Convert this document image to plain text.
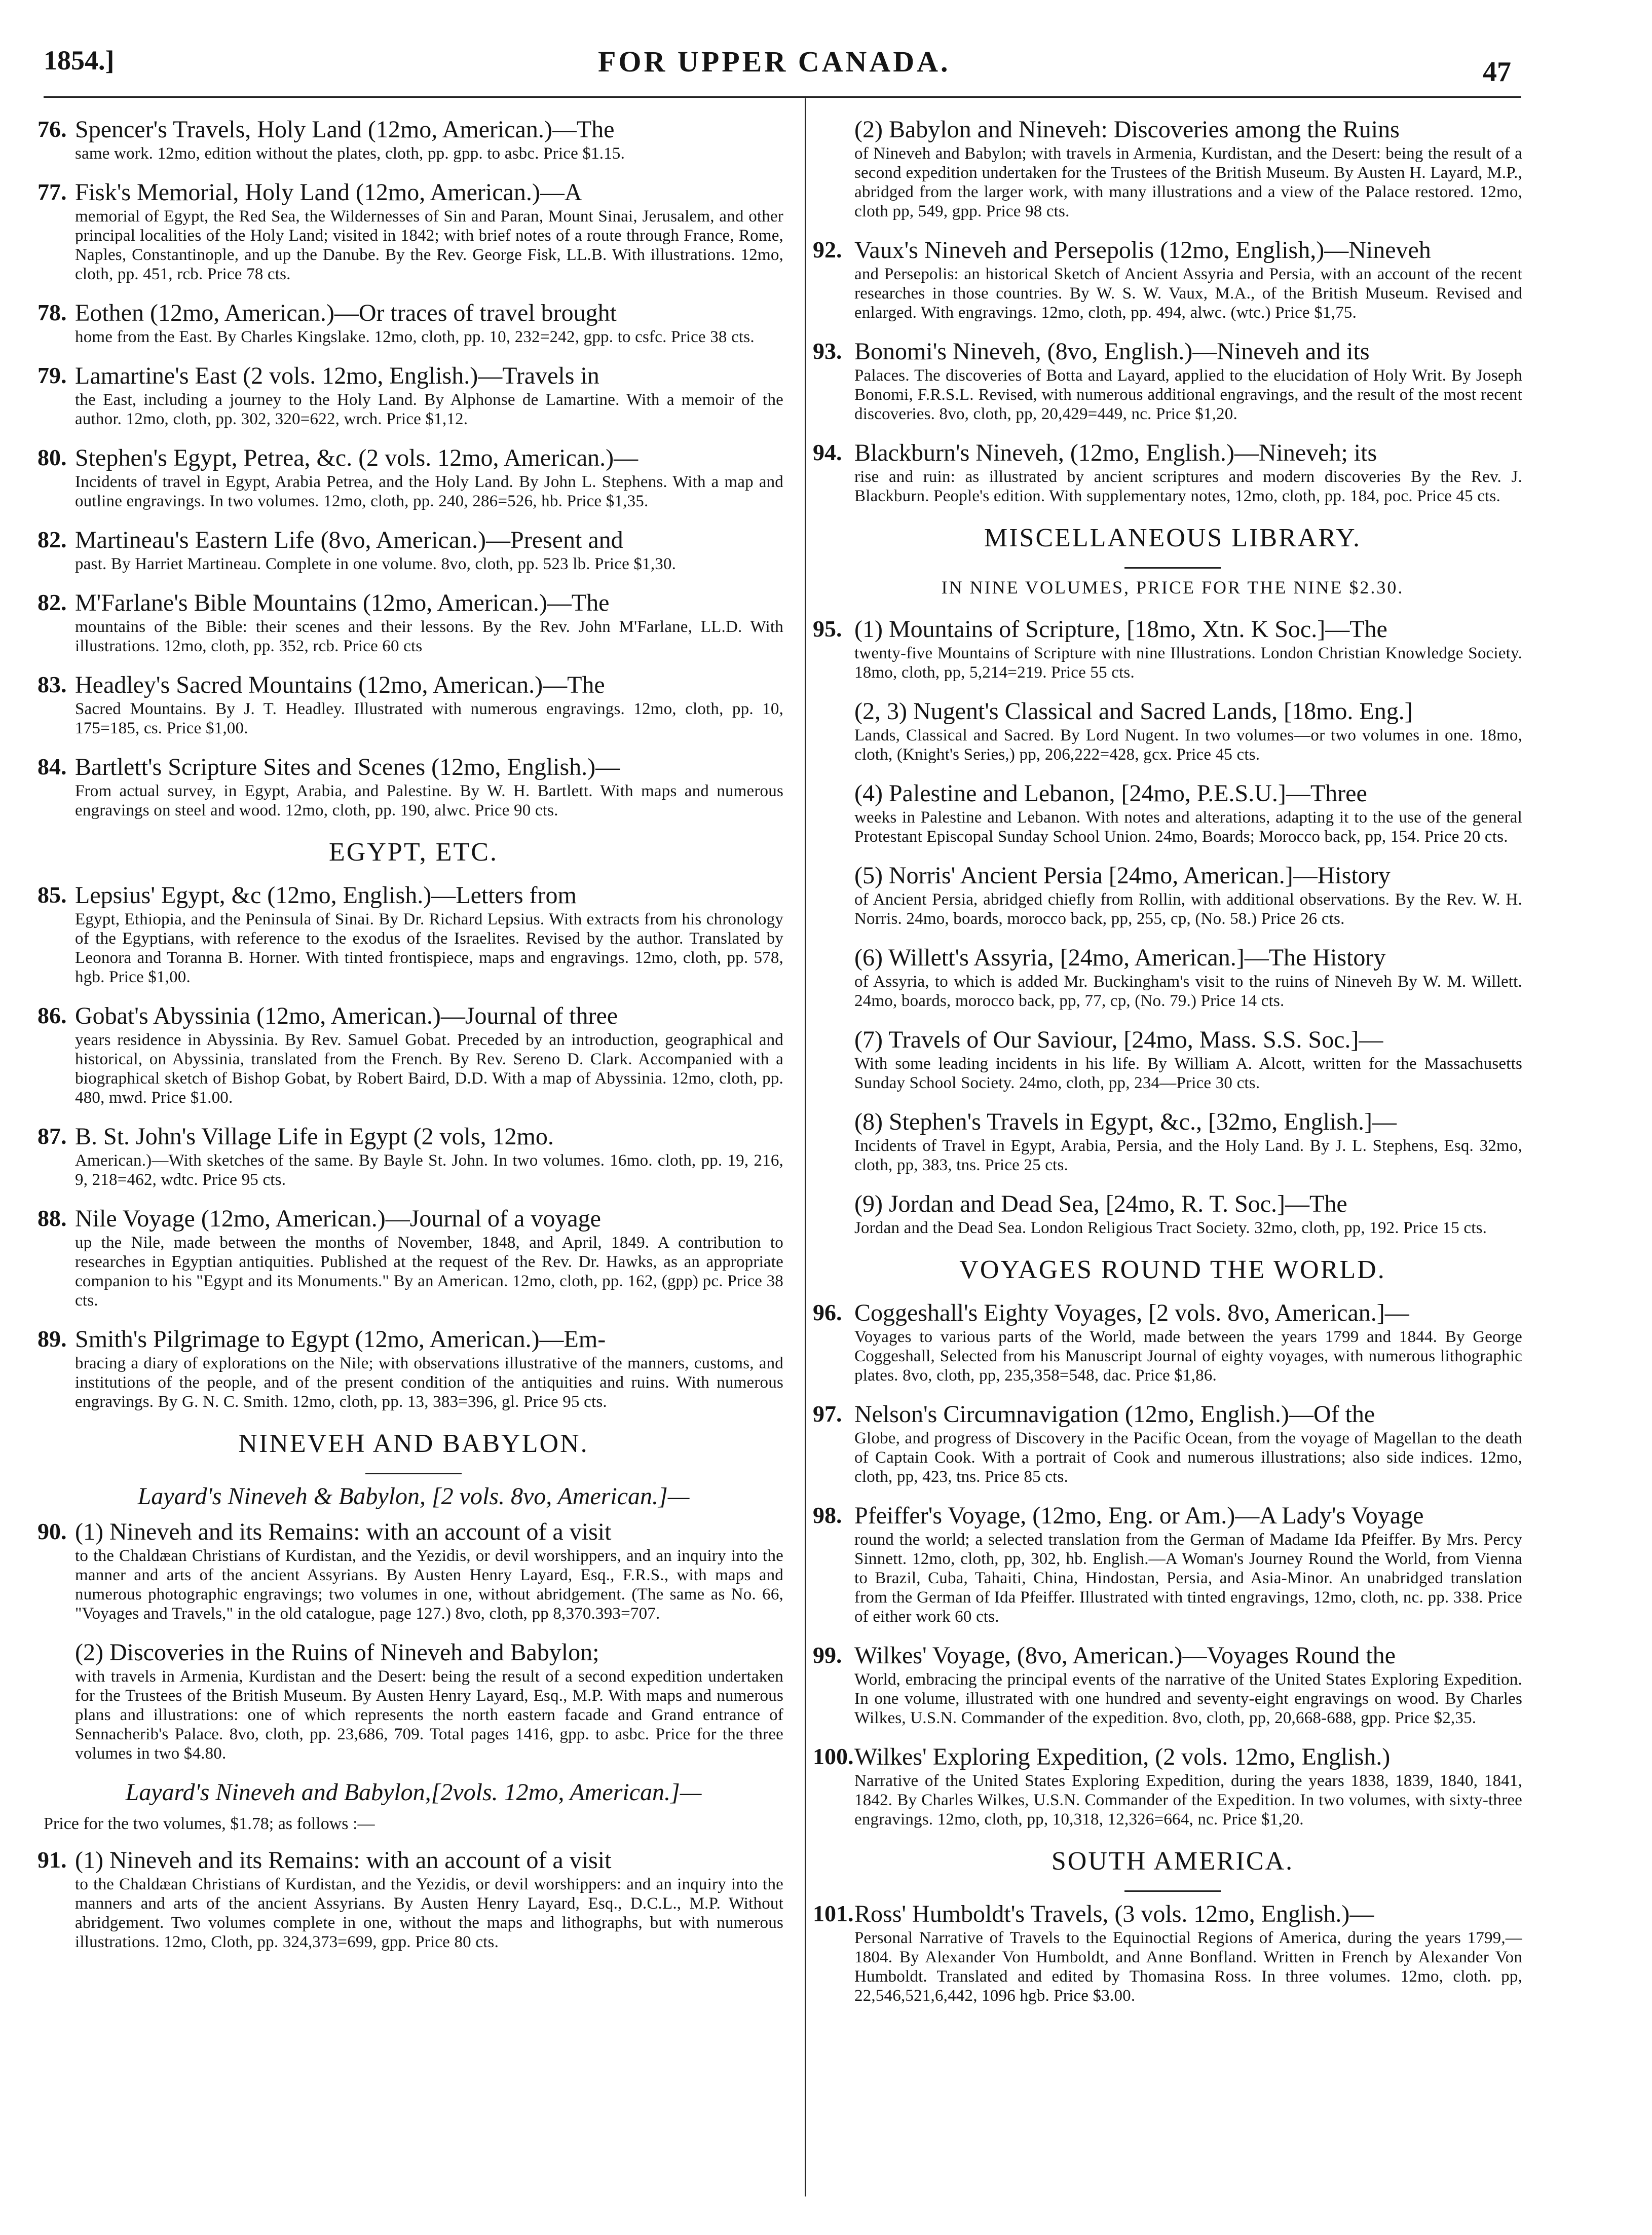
1854.]	FOR UPPER CANADA.	47
76. Spencer's Travels, Holy Land (12mo, American.)—The
same work. 12mo, edition without the plates, cloth, pp. gpp. to asbc. Price $1.15.
77. Fisk's Memorial, Holy Land (12mo, American.)—A
memorial of Egypt, the Red Sea, the Wildernesses of Sin and Paran, Mount Sinai, Jerusalem, and other principal localities of the Holy Land; visited in 1842; with brief notes of a route through France, Rome, Naples, Constantinople, and up the Danube. By the Rev. George Fisk, LL.B. With illustrations. 12mo, cloth, pp. 451, rcb. Price 78 cts.
78. Eothen (12mo, American.)—Or traces of travel brought
home from the East. By Charles Kingslake. 12mo, cloth, pp. 10, 232=242, gpp. to csfc. Price 38 cts.
79. Lamartine's East (2 vols. 12mo, English.)—Travels in
the East, including a journey to the Holy Land. By Alphonse de Lamartine. With a memoir of the author. 12mo, cloth, pp. 302, 320=622, wrch. Price $1,12.
80. Stephen's Egypt, Petrea, &c. (2 vols. 12mo, American.)—
Incidents of travel in Egypt, Arabia Petrea, and the Holy Land. By John L. Stephens. With a map and outline engravings. In two volumes. 12mo, cloth, pp. 240, 286=526, hb. Price $1,35.
82. Martineau's Eastern Life (8vo, American.)—Present and
past. By Harriet Martineau. Complete in one volume. 8vo, cloth, pp. 523 lb. Price $1,30.
82. M'Farlane's Bible Mountains (12mo, American.)—The
mountains of the Bible: their scenes and their lessons. By the Rev. John M'Farlane, LL.D. With illustrations. 12mo, cloth, pp. 352, rcb. Price 60 cts
83. Headley's Sacred Mountains (12mo, American.)—The
Sacred Mountains. By J. T. Headley. Illustrated with numerous engravings. 12mo, cloth, pp. 10, 175=185, cs. Price $1,00.
84. Bartlett's Scripture Sites and Scenes (12mo, English.)—
From actual survey, in Egypt, Arabia, and Palestine. By W. H. Bartlett. With maps and numerous engravings on steel and wood. 12mo, cloth, pp. 190, alwc. Price 90 cts.
EGYPT, ETC.
85. Lepsius' Egypt, &c (12mo, English.)—Letters from
Egypt, Ethiopia, and the Peninsula of Sinai. By Dr. Richard Lepsius. With extracts from his chronology of the Egyptians, with reference to the exodus of the Israelites. Revised by the author. Translated by Leonora and Toranna B. Horner. With tinted frontispiece, maps and engravings. 12mo, cloth, pp. 578, hgb. Price $1,00.
86. Gobat's Abyssinia (12mo, American.)—Journal of three
years residence in Abyssinia. By Rev. Samuel Gobat. Preceded by an introduction, geographical and historical, on Abyssinia, translated from the French. By Rev. Sereno D. Clark. Accompanied with a biographical sketch of Bishop Gobat, by Robert Baird, D.D. With a map of Abyssinia. 12mo, cloth, pp. 480, mwd. Price $1.00.
87. B. St. John's Village Life in Egypt (2 vols, 12mo.
American.)—With sketches of the same. By Bayle St. John. In two volumes. 16mo. cloth, pp. 19, 216, 9, 218=462, wdtc. Price 95 cts.
88. Nile Voyage (12mo, American.)—Journal of a voyage
up the Nile, made between the months of November, 1848, and April, 1849. A contribution to researches in Egyptian antiquities. Published at the request of the Rev. Dr. Hawks, as an appropriate companion to his "Egypt and its Monuments." By an American. 12mo, cloth, pp. 162, (gpp) pc. Price 38 cts.
89. Smith's Pilgrimage to Egypt (12mo, American.)—Em-
bracing a diary of explorations on the Nile; with observations illustrative of the manners, customs, and institutions of the people, and of the present condition of the antiquities and ruins. With numerous engravings. By G. N. C. Smith. 12mo, cloth, pp. 13, 383=396, gl. Price 95 cts.
NINEVEH AND BABYLON.
Layard's Nineveh & Babylon, [2 vols. 8vo, American.]—
90. (1) Nineveh and its Remains: with an account of a visit
to the Chaldæan Christians of Kurdistan, and the Yezidis, or devil worshippers, and an inquiry into the manner and arts of the ancient Assyrians. By Austen Henry Layard, Esq., F.R.S., with maps and numerous photographic engravings; two volumes in one, without abridgement. (The same as No. 66, "Voyages and Travels," in the old catalogue, page 127.) 8vo, cloth, pp 8,370.393=707.
(2) Discoveries in the Ruins of Nineveh and Babylon;
with travels in Armenia, Kurdistan and the Desert: being the result of a second expedition undertaken for the Trustees of the British Museum. By Austen Henry Layard, Esq., M.P. With maps and numerous plans and illustrations: one of which represents the north eastern facade and Grand entrance of Sennacherib's Palace. 8vo, cloth, pp. 23,686, 709. Total pages 1416, gpp. to asbc. Price for the three volumes in two $4.80.
Layard's Nineveh and Babylon,[2vols. 12mo, American.]—
Price for the two volumes, $1.78; as follows :—
91. (1) Nineveh and its Remains: with an account of a visit
to the Chaldæan Christians of Kurdistan, and the Yezidis, or devil worshippers: and an inquiry into the manners and arts of the ancient Assyrians. By Austen Henry Layard, Esq., D.C.L., M.P. Without abridgement. Two volumes complete in one, without the maps and lithographs, but with numerous illustrations. 12mo, Cloth, pp. 324,373=699, gpp. Price 80 cts.
(2) Babylon and Nineveh: Discoveries among the Ruins
of Nineveh and Babylon; with travels in Armenia, Kurdistan, and the Desert: being the result of a second expedition undertaken for the Trustees of the British Museum. By Austen H. Layard, M.P., abridged from the larger work, with many illustrations and a view of the Palace restored. 12mo, cloth pp, 549, gpp. Price 98 cts.
92. Vaux's Nineveh and Persepolis (12mo, English,)—Nineveh
and Persepolis: an historical Sketch of Ancient Assyria and Persia, with an account of the recent researches in those countries. By W. S. W. Vaux, M.A., of the British Museum. Revised and enlarged. With engravings. 12mo, cloth, pp. 494, alwc. (wtc.) Price $1,75.
93. Bonomi's Nineveh, (8vo, English.)—Nineveh and its
Palaces. The discoveries of Botta and Layard, applied to the elucidation of Holy Writ. By Joseph Bonomi, F.R.S.L. Revised, with numerous additional engravings, and the result of the most recent discoveries. 8vo, cloth, pp, 20,429=449, nc. Price $1,20.
94. Blackburn's Nineveh, (12mo, English.)—Nineveh; its
rise and ruin: as illustrated by ancient scriptures and modern discoveries By the Rev. J. Blackburn. People's edition. With supplementary notes, 12mo, cloth, pp. 184, poc. Price 45 cts.
MISCELLANEOUS LIBRARY.
IN NINE VOLUMES, PRICE FOR THE NINE $2.30.
95. (1) Mountains of Scripture, [18mo, Xtn. K Soc.]—The
twenty-five Mountains of Scripture with nine Illustrations. London Christian Knowledge Society. 18mo, cloth, pp, 5,214=219. Price 55 cts.
(2, 3) Nugent's Classical and Sacred Lands, [18mo. Eng.]
Lands, Classical and Sacred. By Lord Nugent. In two volumes—or two volumes in one. 18mo, cloth, (Knight's Series,) pp, 206,222=428, gcx. Price 45 cts.
(4) Palestine and Lebanon, [24mo, P.E.S.U.]—Three
weeks in Palestine and Lebanon. With notes and alterations, adapting it to the use of the general Protestant Episcopal Sunday School Union. 24mo, Boards; Morocco back, pp, 154. Price 20 cts.
(5) Norris' Ancient Persia [24mo, American.]—History
of Ancient Persia, abridged chiefly from Rollin, with additional observations. By the Rev. W. H. Norris. 24mo, boards, morocco back, pp, 255, cp, (No. 58.) Price 26 cts.
(6) Willett's Assyria, [24mo, American.]—The History
of Assyria, to which is added Mr. Buckingham's visit to the ruins of Nineveh By W. M. Willett. 24mo, boards, morocco back, pp, 77, cp, (No. 79.) Price 14 cts.
(7) Travels of Our Saviour, [24mo, Mass. S.S. Soc.]—
With some leading incidents in his life. By William A. Alcott, written for the Massachusetts Sunday School Society. 24mo, cloth, pp, 234—Price 30 cts.
(8) Stephen's Travels in Egypt, &c., [32mo, English.]—
Incidents of Travel in Egypt, Arabia, Persia, and the Holy Land. By J. L. Stephens, Esq. 32mo, cloth, pp, 383, tns. Price 25 cts.
(9) Jordan and Dead Sea, [24mo, R. T. Soc.]—The
Jordan and the Dead Sea. London Religious Tract Society. 32mo, cloth, pp, 192. Price 15 cts.
VOYAGES ROUND THE WORLD.
96. Coggeshall's Eighty Voyages, [2 vols. 8vo, American.]—
Voyages to various parts of the World, made between the years 1799 and 1844. By George Coggeshall, Selected from his Manuscript Journal of eighty voyages, with numerous lithographic plates. 8vo, cloth, pp, 235,358=548, dac. Price $1,86.
97. Nelson's Circumnavigation (12mo, English.)—Of the
Globe, and progress of Discovery in the Pacific Ocean, from the voyage of Magellan to the death of Captain Cook. With a portrait of Cook and numerous illustrations; also side indices. 12mo, cloth, pp, 423, tns. Price 85 cts.
98. Pfeiffer's Voyage, (12mo, Eng. or Am.)—A Lady's Voyage
round the world; a selected translation from the German of Madame Ida Pfeiffer. By Mrs. Percy Sinnett. 12mo, cloth, pp, 302, hb. English.—A Woman's Journey Round the World, from Vienna to Brazil, Cuba, Tahaiti, China, Hindostan, Persia, and Asia-Minor. An unabridged translation from the German of Ida Pfeiffer. Illustrated with tinted engravings, 12mo, cloth, nc. pp. 338. Price of either work 60 cts.
99. Wilkes' Voyage, (8vo, American.)—Voyages Round the
World, embracing the principal events of the narrative of the United States Exploring Expedition. In one volume, illustrated with one hundred and seventy-eight engravings on wood. By Charles Wilkes, U.S.N. Commander of the expedition. 8vo, cloth, pp, 20,668-688, gpp. Price $2,35.
100. Wilkes' Exploring Expedition, (2 vols. 12mo, English.)
Narrative of the United States Exploring Expedition, during the years 1838, 1839, 1840, 1841, 1842. By Charles Wilkes, U.S.N. Commander of the Expedition. In two volumes, with sixty-three engravings. 12mo, cloth, pp, 10,318, 12,326=664, nc. Price $1,20.
SOUTH AMERICA.
101. Ross' Humboldt's Travels, (3 vols. 12mo, English.)—
Personal Narrative of Travels to the Equinoctial Regions of America, during the years 1799,—1804. By Alexander Von Humboldt, and Anne Bonfland. Written in French by Alexander Von Humboldt. Translated and edited by Thomasina Ross. In three volumes. 12mo, cloth. pp, 22,546,521,6,442, 1096 hgb. Price $3.00.
